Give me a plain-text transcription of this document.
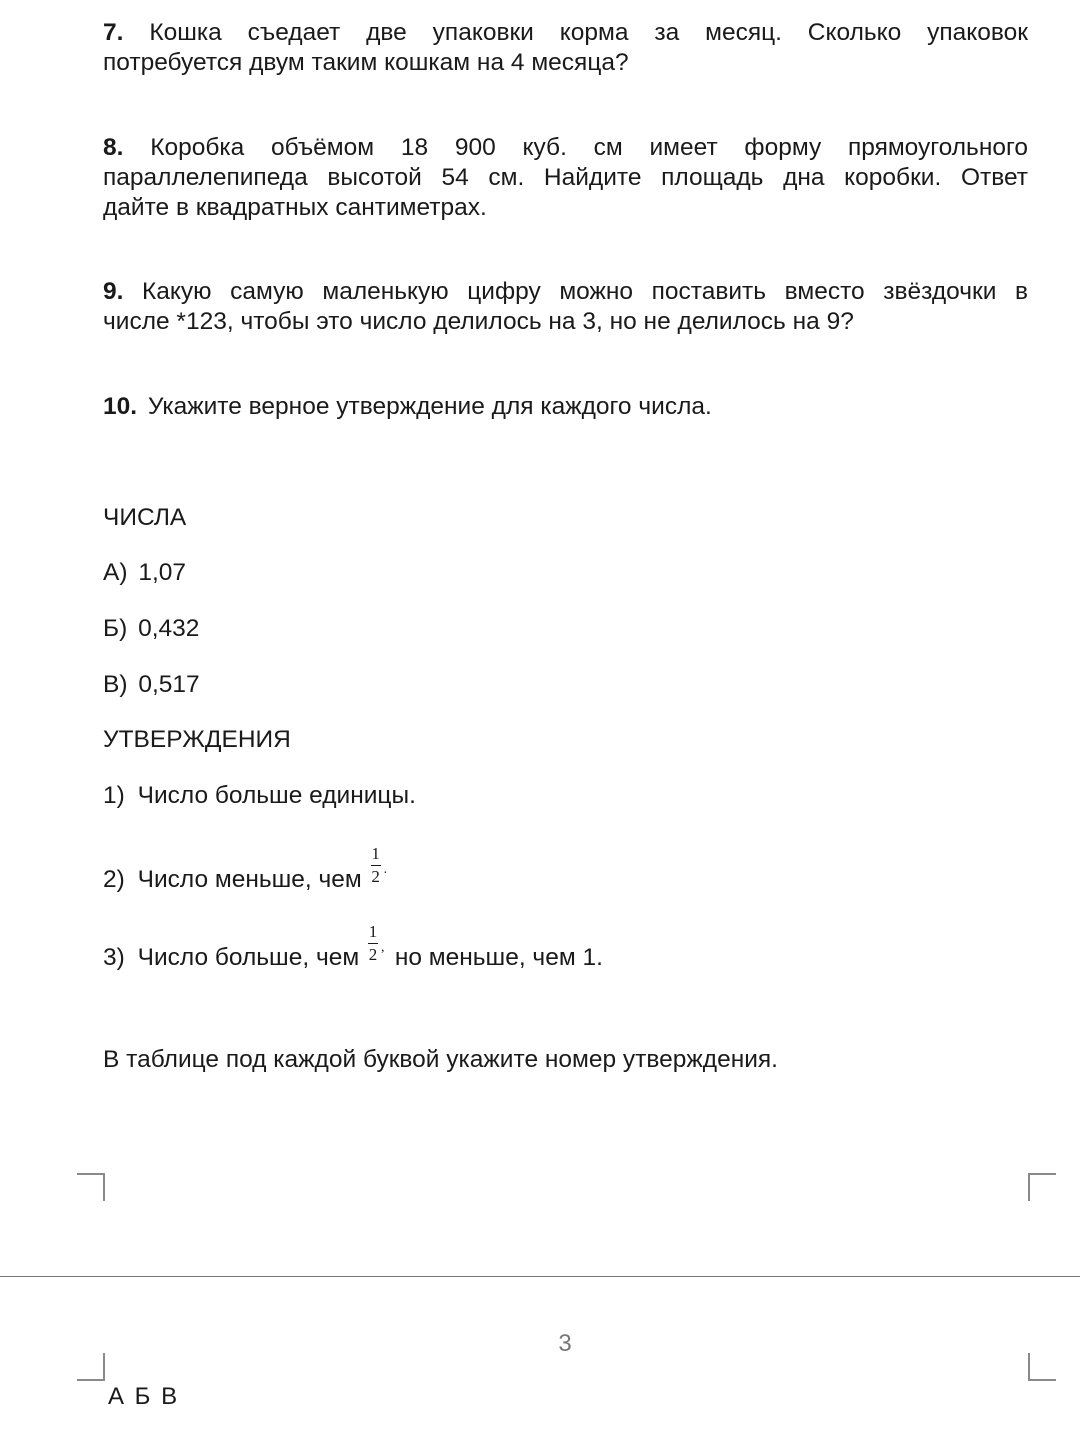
7. Кошка съедает две упаковки корма за месяц. Сколько упаковок
потребуется двум таким кошкам на 4 месяца?
8. Коробка объёмом 18 900 куб. см имеет форму прямоугольного
параллелепипеда высотой 54 см. Найдите площадь дна коробки. Ответ
дайте в квадратных сантиметрах.
9. Какую самую маленькую цифру можно поставить вместо звёздочки в
числе *123, чтобы это число делилось на 3, но не делилось на 9?
10. Укажите верное утверждение для каждого числа.
ЧИСЛА
А) 1,07
Б) 0,432
В) 0,517
УТВЕРЖДЕНИЯ
1) Число больше единицы.
2) Число меньше, чем
1
2 .
3) Число больше, чем
1
2 , но меньше, чем 1.
В таблице под каждой буквой укажите номер утверждения.
3
А Б В
